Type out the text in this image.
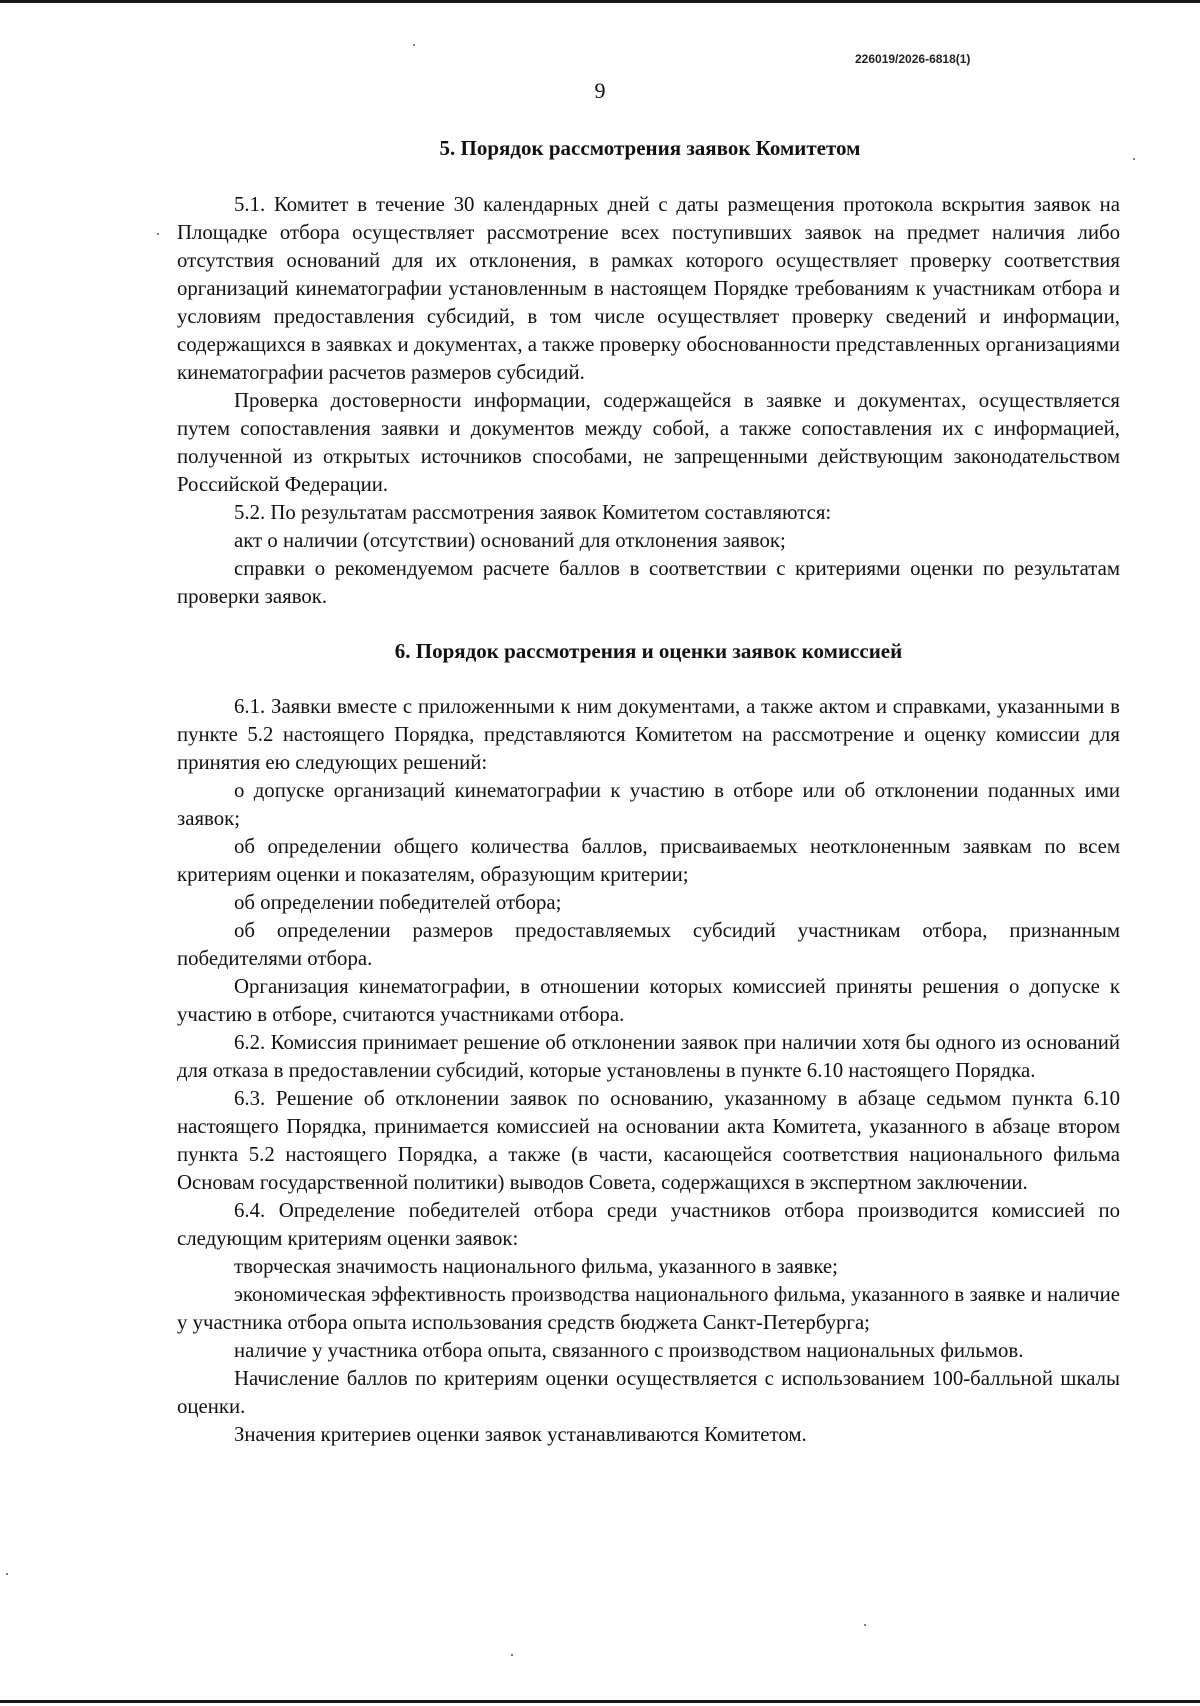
226019/2026-6818(1)
9
5. Порядок рассмотрения заявок Комитетом

5.1. Комитет в течение 30 календарных дней с даты размещения протокола вскрытия заявок на Площадке отбора осуществляет рассмотрение всех поступивших заявок на предмет наличия либо отсутствия оснований для их отклонения, в рамках которого осуществляет проверку соответствия организаций кинематографии установленным в настоящем Порядке требованиям к участникам отбора и условиям предоставления субсидий, в том числе осуществляет проверку сведений и информации, содержащихся в заявках и документах, а также проверку обоснованности представленных организациями кинематографии расчетов размеров субсидий.

Проверка достоверности информации, содержащейся в заявке и документах, осуществляется путем сопоставления заявки и документов между собой, а также сопоставления их с информацией, полученной из открытых источников способами, не запрещенными действующим законодательством Российской Федерации.

5.2. По результатам рассмотрения заявок Комитетом составляются:

акт о наличии (отсутствии) оснований для отклонения заявок;

справки о рекомендуемом расчете баллов в соответствии с критериями оценки по результатам проверки заявок.

6. Порядок рассмотрения и оценки заявок комиссией

6.1. Заявки вместе с приложенными к ним документами, а также актом и справками, указанными в пункте 5.2 настоящего Порядка, представляются Комитетом на рассмотрение и оценку комиссии для принятия ею следующих решений:

о допуске организаций кинематографии к участию в отборе или об отклонении поданных ими заявок;

об определении общего количества баллов, присваиваемых неотклоненным заявкам по всем критериям оценки и показателям, образующим критерии;

об определении победителей отбора;

об определении размеров предоставляемых субсидий участникам отбора, признанным победителями отбора.

Организация кинематографии, в отношении которых комиссией приняты решения о допуске к участию в отборе, считаются участниками отбора.

6.2. Комиссия принимает решение об отклонении заявок при наличии хотя бы одного из оснований для отказа в предоставлении субсидий, которые установлены в пункте 6.10 настоящего Порядка.

6.3. Решение об отклонении заявок по основанию, указанному в абзаце седьмом пункта 6.10 настоящего Порядка, принимается комиссией на основании акта Комитета, указанного в абзаце втором пункта 5.2 настоящего Порядка, а также (в части, касающейся соответствия национального фильма Основам государственной политики) выводов Совета, содержащихся в экспертном заключении.

6.4. Определение победителей отбора среди участников отбора производится комиссией по следующим критериям оценки заявок:

творческая значимость национального фильма, указанного в заявке;

экономическая эффективность производства национального фильма, указанного в заявке и наличие у участника отбора опыта использования средств бюджета Санкт-Петербурга;

наличие у участника отбора опыта, связанного с производством национальных фильмов.

Начисление баллов по критериям оценки осуществляется с использованием 100-балльной шкалы оценки.

Значения критериев оценки заявок устанавливаются Комитетом.
